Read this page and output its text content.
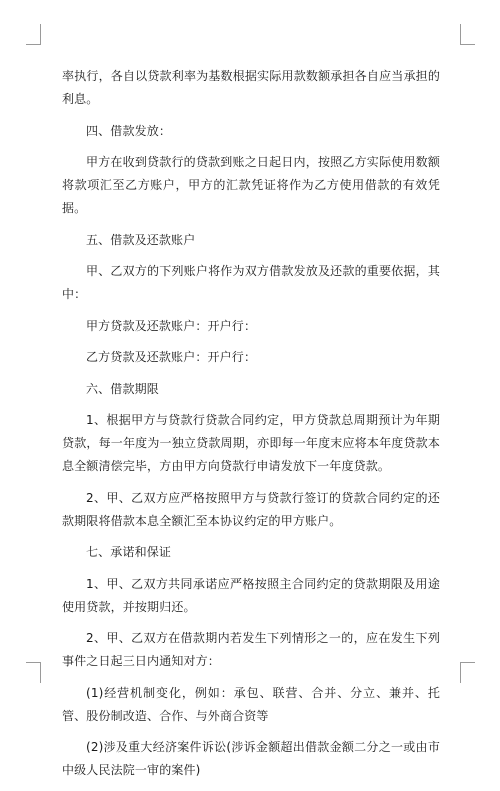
率执行，各自以贷款利率为基数根据实际用款数额承担各自应当承担的利息。

四、借款发放：

甲方在收到贷款行的贷款到账之日起日内，按照乙方实际使用数额将款项汇至乙方账户，甲方的汇款凭证将作为乙方使用借款的有效凭据。

五、借款及还款账户

甲、乙双方的下列账户将作为双方借款发放及还款的重要依据，其中：

甲方贷款及还款账户：开户行：

乙方贷款及还款账户：开户行：

六、借款期限

1、根据甲方与贷款行贷款合同约定，甲方贷款总周期预计为年期贷款，每一年度为一独立贷款周期，亦即每一年度末应将本年度贷款本息全额清偿完毕，方由甲方向贷款行申请发放下一年度贷款。

2、甲、乙双方应严格按照甲方与贷款行签订的贷款合同约定的还款期限将借款本息全额汇至本协议约定的甲方账户。

七、承诺和保证

1、甲、乙双方共同承诺应严格按照主合同约定的贷款期限及用途使用贷款，并按期归还。

2、甲、乙双方在借款期内若发生下列情形之一的，应在发生下列事件之日起三日内通知对方：

(1)经营机制变化，例如：承包、联营、合并、分立、兼并、托管、股份制改造、合作、与外商合资等

(2)涉及重大经济案件诉讼(涉诉金额超出借款金额二分之一或由市中级人民法院一审的案件)
